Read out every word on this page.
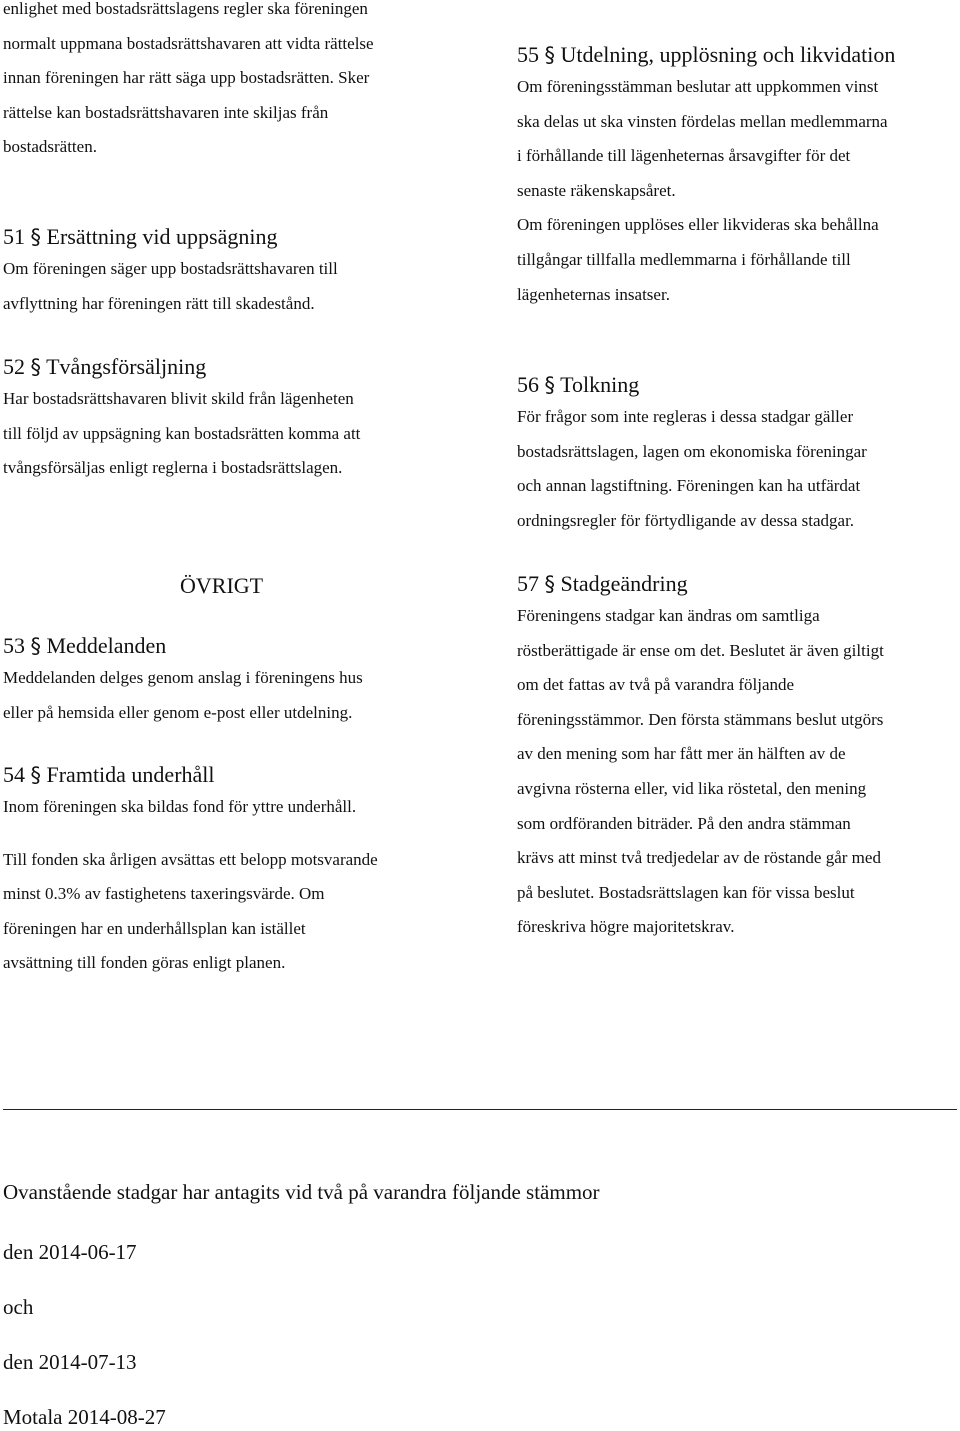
enlighet med bostadsrättslagens regler ska föreningen

normalt uppmana bostadsrättshavaren att vidta rättelse

innan föreningen har rätt säga upp bostadsrätten. Sker

rättelse kan bostadsrättshavaren inte skiljas från

bostadsrätten.

51 § Ersättning vid uppsägning

Om föreningen säger upp bostadsrättshavaren till

avflyttning har föreningen rätt till skadestånd.

52 § Tvångsförsäljning

Har bostadsrättshavaren blivit skild från lägenheten

till följd av uppsägning kan bostadsrätten komma att

tvångsförsäljas enligt reglerna i bostadsrättslagen.

ÖVRIGT

53 § Meddelanden

Meddelanden delges genom anslag i föreningens hus

eller på hemsida eller genom e-post eller utdelning.

54 § Framtida underhåll

Inom föreningen ska bildas fond för yttre underhåll.

Till fonden ska årligen avsättas ett belopp motsvarande

minst 0.3% av fastighetens taxeringsvärde. Om

föreningen har en underhållsplan kan istället

avsättning till fonden göras enligt planen.

55 § Utdelning, upplösning och likvidation

Om föreningsstämman beslutar att uppkommen vinst

ska delas ut ska vinsten fördelas mellan medlemmarna

i förhållande till lägenheternas årsavgifter för det

senaste räkenskapsåret.

Om föreningen upplöses eller likvideras ska behållna

tillgångar tillfalla medlemmarna i förhållande till

lägenheternas insatser.

56 § Tolkning

För frågor som inte regleras i dessa stadgar gäller

bostadsrättslagen, lagen om ekonomiska föreningar

och annan lagstiftning. Föreningen kan ha utfärdat

ordningsregler för förtydligande av dessa stadgar.

57 § Stadgeändring

Föreningens stadgar kan ändras om samtliga

röstberättigade är ense om det. Beslutet är även giltigt

om det fattas av två på varandra följande

föreningsstämmor. Den första stämmans beslut utgörs

av den mening som har fått mer än hälften av de

avgivna rösterna eller, vid lika röstetal, den mening

som ordföranden biträder. På den andra stämman

krävs att minst två tredjedelar av de röstande går med

på beslutet. Bostadsrättslagen kan för vissa beslut

föreskriva högre majoritetskrav.

Ovanstående stadgar har antagits vid två på varandra följande stämmor

den 2014-06-17

och

den 2014-07-13

Motala 2014-08-27
